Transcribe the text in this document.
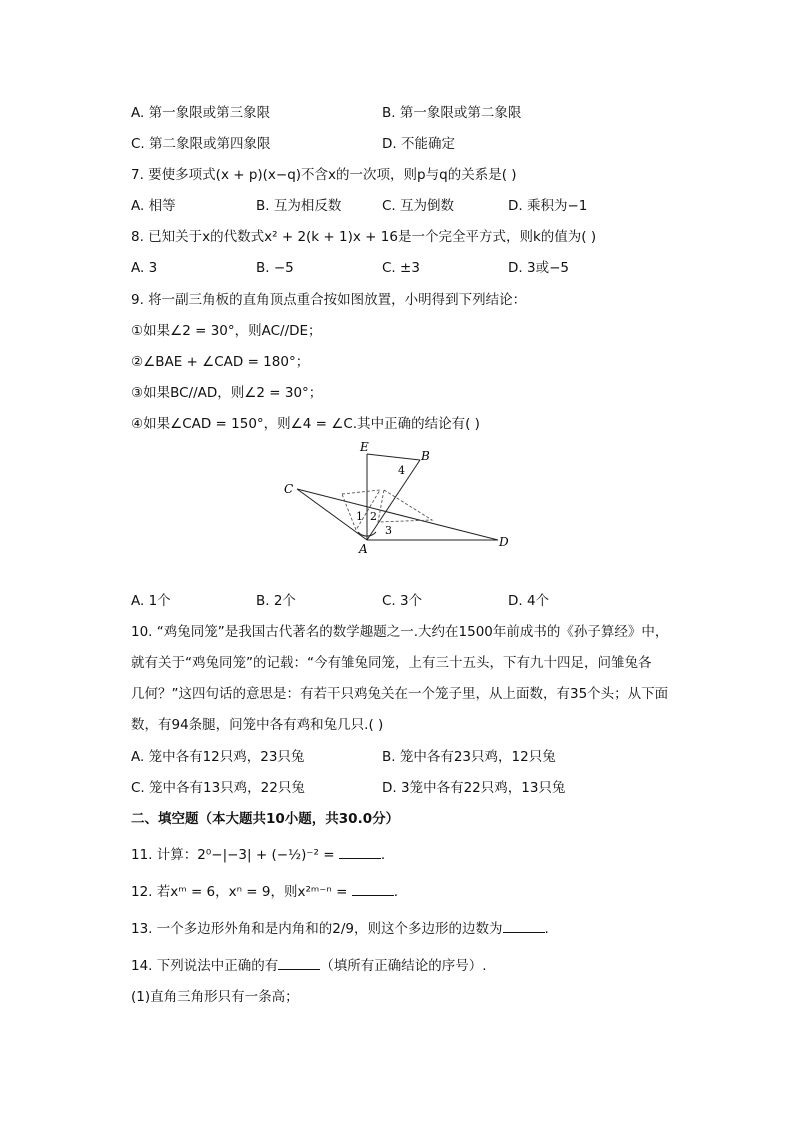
A. 第一象限或第三象限	B. 第一象限或第二象限
C. 第二象限或第四象限	D. 不能确定
7. 要使多项式(x + p)(x−q)不含x的一次项，则p与q的关系是( )
A. 相等	B. 互为相反数	C. 互为倒数	D. 乘积为−1
8. 已知关于x的代数式x² + 2(k + 1)x + 16是一个完全平方式，则k的值为( )
A. 3	B. −5	C. ±3	D. 3或−5
9. 将一副三角板的直角顶点重合按如图放置，小明得到下列结论：
①如果∠2 = 30°，则AC//DE；
②∠BAE + ∠CAD = 180°；
③如果BC//AD，则∠2 = 30°；
④如果∠CAD = 150°，则∠4 = ∠C.其中正确的结论有( )
E
B
C
A	D
1 2
3
4
A. 1个	B. 2个	C. 3个	D. 4个
10. “鸡兔同笼”是我国古代著名的数学趣题之一.大约在1500年前成书的《孙子算经》中，
就有关于“鸡兔同笼”的记载：“今有雏兔同笼，上有三十五头，下有九十四足，问雏兔各
几何？”这四句话的意思是：有若干只鸡兔关在一个笼子里，从上面数，有35个头；从下面
数，有94条腿，问笼中各有鸡和兔几只.( )
A. 笼中各有12只鸡，23只兔	B. 笼中各有23只鸡，12只兔
C. 笼中各有13只鸡，22只兔	D. 3笼中各有22只鸡，13只兔
二、填空题（本大题共10小题，共30.0分）
11. 计算：2⁰−|−3| + (−½)⁻² =	.
12. 若xᵐ = 6，xⁿ = 9，则x²ᵐ⁻ⁿ =	.
13. 一个多边形外角和是内角和的2/9，则这个多边形的边数为	.
14. 下列说法中正确的有	（填所有正确结论的序号）.
(1)直角三角形只有一条高；
